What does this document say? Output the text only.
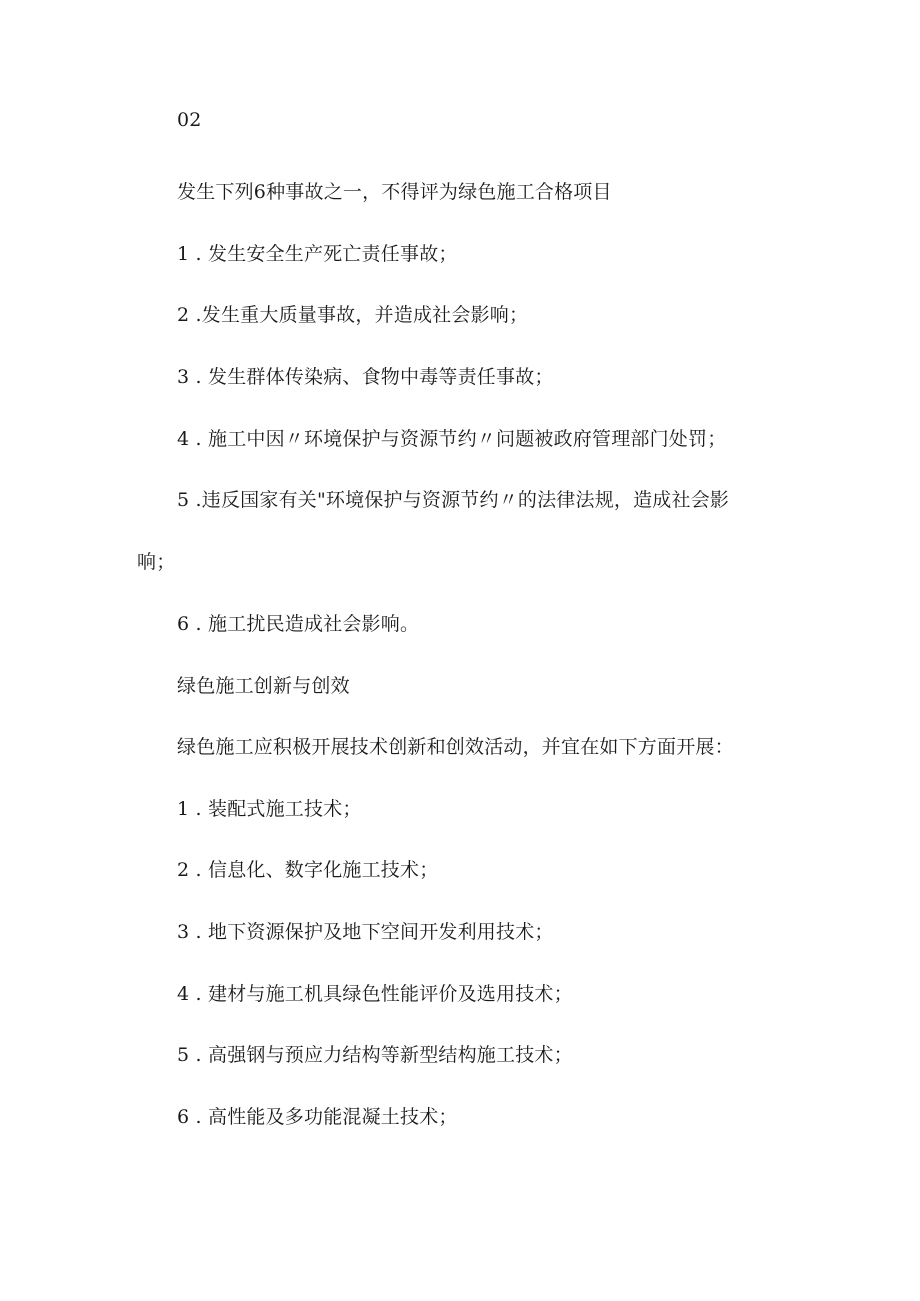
02
发生下列6种事故之一，不得评为绿色施工合格项目
1 . 发生安全生产死亡责任事故；
2 .发生重大质量事故，并造成社会影响；
3 . 发生群体传染病、食物中毒等责任事故；
4 . 施工中因〃环境保护与资源节约〃问题被政府管理部门处罚；
5 .违反国家有关"环境保护与资源节约〃的法律法规，造成社会影
响；
6 . 施工扰民造成社会影响。
绿色施工创新与创效
绿色施工应积极开展技术创新和创效活动，并宜在如下方面开展：
1 . 装配式施工技术；
2 . 信息化、数字化施工技术；
3 . 地下资源保护及地下空间开发利用技术；
4 . 建材与施工机具绿色性能评价及选用技术；
5 . 高强钢与预应力结构等新型结构施工技术；
6 . 高性能及多功能混凝土技术；
